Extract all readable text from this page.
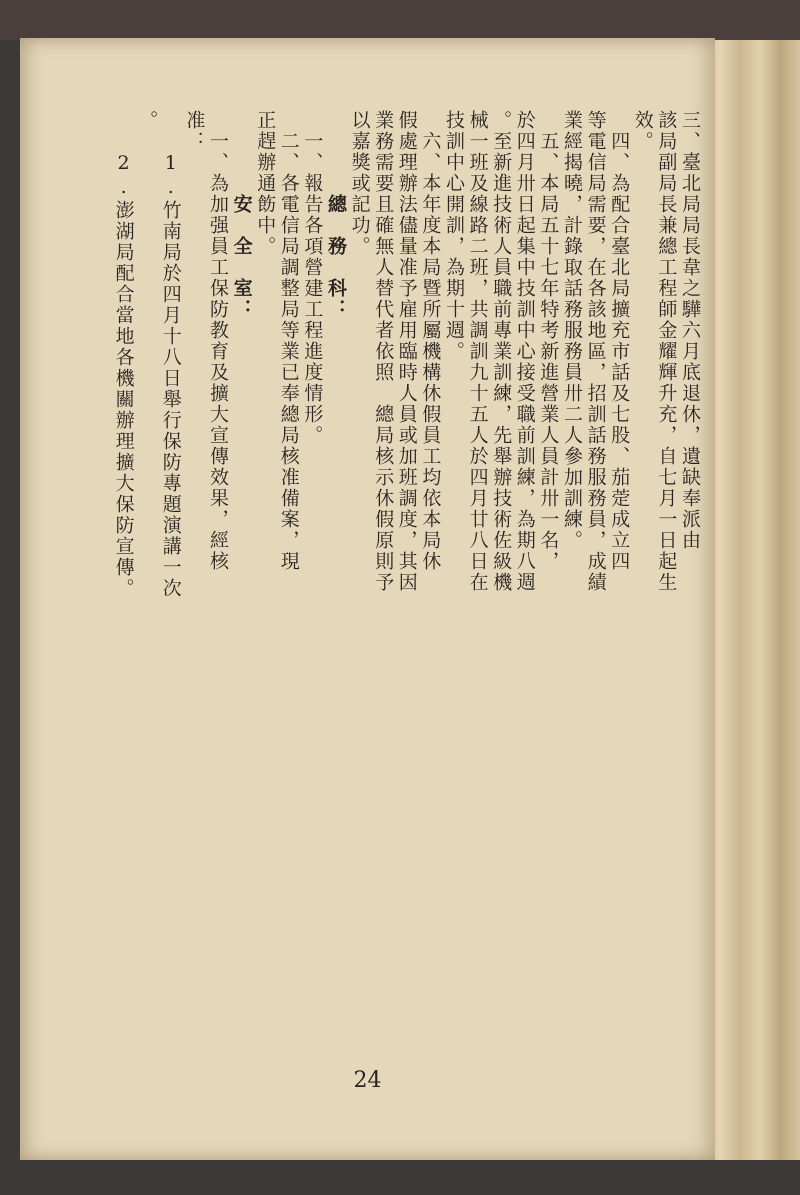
三、臺北局局長韋之驊六月底退休，遺缺奉派由
該局副局長兼總工程師金耀輝升充，自七月一日起生
效。
四、為配合臺北局擴充市話及七股、茄萣成立四
等電信局需要，在各該地區，招訓話務服務員，成績
業經揭曉，計錄取話務服務員卅二人參加訓練。
五、本局五十七年特考新進營業人員計卅一名，
於四月卅日起集中技訓中心接受職前訓練，為期八週
。至新進技術人員職前專業訓練，先舉辦技術佐級機
械一班及線路二班，共調訓九十五人於四月廿八日在
技訓中心開訓，為期十週。
六、本年度本局暨所屬機構休假員工均依本局休
假處理辦法儘量准予雇用臨時人員或加班調度，其因
業務需要且確無人替代者依照　總局核示休假原則予
以嘉獎或記功。
總　務　科：
一、報告各項營建工程進度情形。
二、各電信局調整局等業已奉總局核准備案，現
正趕辦通飭中。
安　全　室：
一、為加强員工保防教育及擴大宣傳效果，經核
准：
1.竹南局於四月十八日舉行保防專題演講一次
。
2.澎湖局配合當地各機關辦理擴大保防宣傳。
24
